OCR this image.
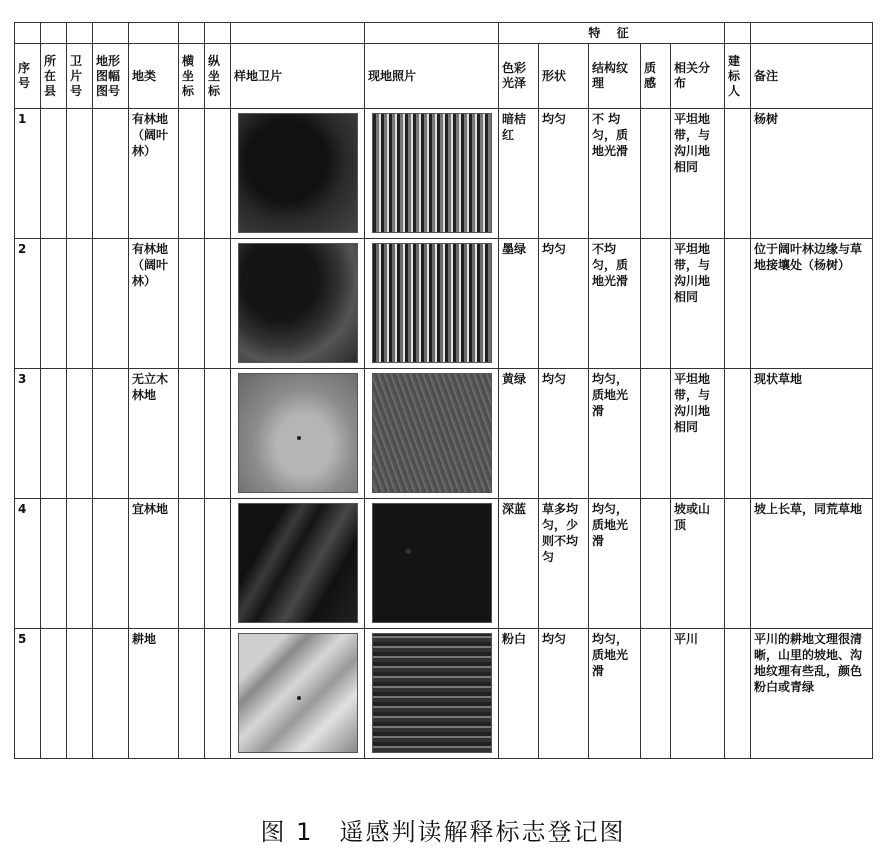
									特 征						
序号	所在县	卫片号	地形图幅图号	地类	横坐标	纵坐标	样地卫片	现地照片	色彩光泽	形状	结构纹理	质感	相关分布	建标人	备注
1				有林地（阔叶林）					暗桔红	均匀	不 均匀，质地光滑		平坦地带，与沟川地相同		杨树
2				有林地（阔叶林）					墨绿	均匀	不均匀，质地光滑		平坦地带，与沟川地相同		位于阔叶林边缘与草地接壤处（杨树）
3				无立木林地					黄绿	均匀	均匀，质地光滑		平坦地带，与沟川地相同		现状草地
4				宜林地					深蓝	草多均匀，少则不均匀	均匀，质地光滑		坡或山顶		坡上长草，同荒草地
5				耕地					粉白	均匀	均匀，质地光滑		平川		平川的耕地文理很清晰，山里的坡地、沟地纹理有些乱，颜色粉白或青绿
图 1　遥感判读解释标志登记图
